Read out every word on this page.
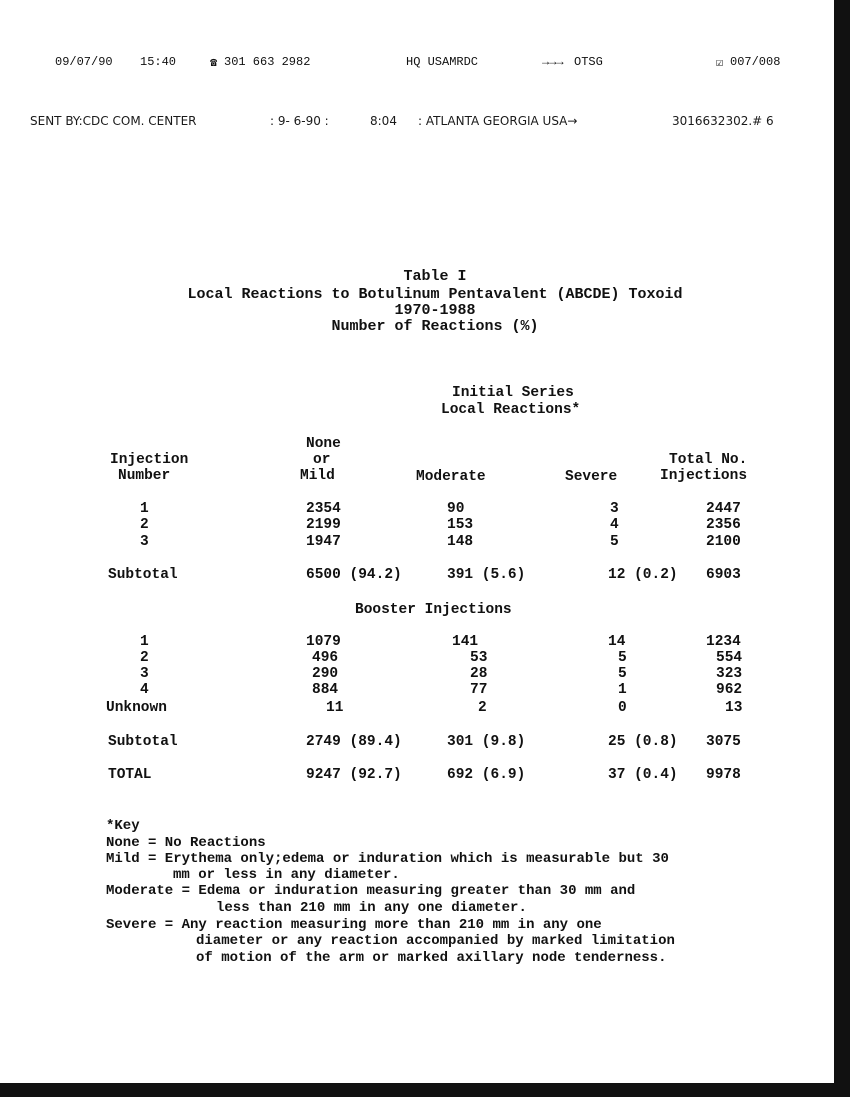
09/07/90 15:40	☎ 301 663 2982	HQ USAMRDC	→→→ OTSG	☑ 007/008
SENT BY:CDC COM. CENTER	: 9- 6-90 :	8:04 : ATLANTA GEORGIA USA→	3016632302.# 6
Table I
Local Reactions to Botulinum Pentavalent (ABCDE) Toxoid
1970-1988
Number of Reactions (%)
Initial Series
Local Reactions*
Injection
Number
None
or
Mild	Moderate	Severe
Total No.
Injections
1	2354	90	3	2447
2	2199	153	4	2356
3	1947	148	5	2100
Subtotal	6500 (94.2)	391 (5.6)	12 (0.2) 6903
Booster Injections
1	1079	141	14	1234
2	496	53	5	554
3	290	28	5	323
4	884	77	1	962
Unknown	11	2	0	13
Subtotal	2749 (89.4)	301 (9.8)	25 (0.8) 3075
TOTAL	9247 (92.7)	692 (6.9)	37 (0.4) 9978
*Key
None = No Reactions
Mild = Erythema only;edema or induration which is measurable but 30
mm or less in any diameter.
Moderate = Edema or induration measuring greater than 30 mm and
less than 210 mm in any one diameter.
Severe = Any reaction measuring more than 210 mm in any one
diameter or any reaction accompanied by marked limitation
of motion of the arm or marked axillary node tenderness.
